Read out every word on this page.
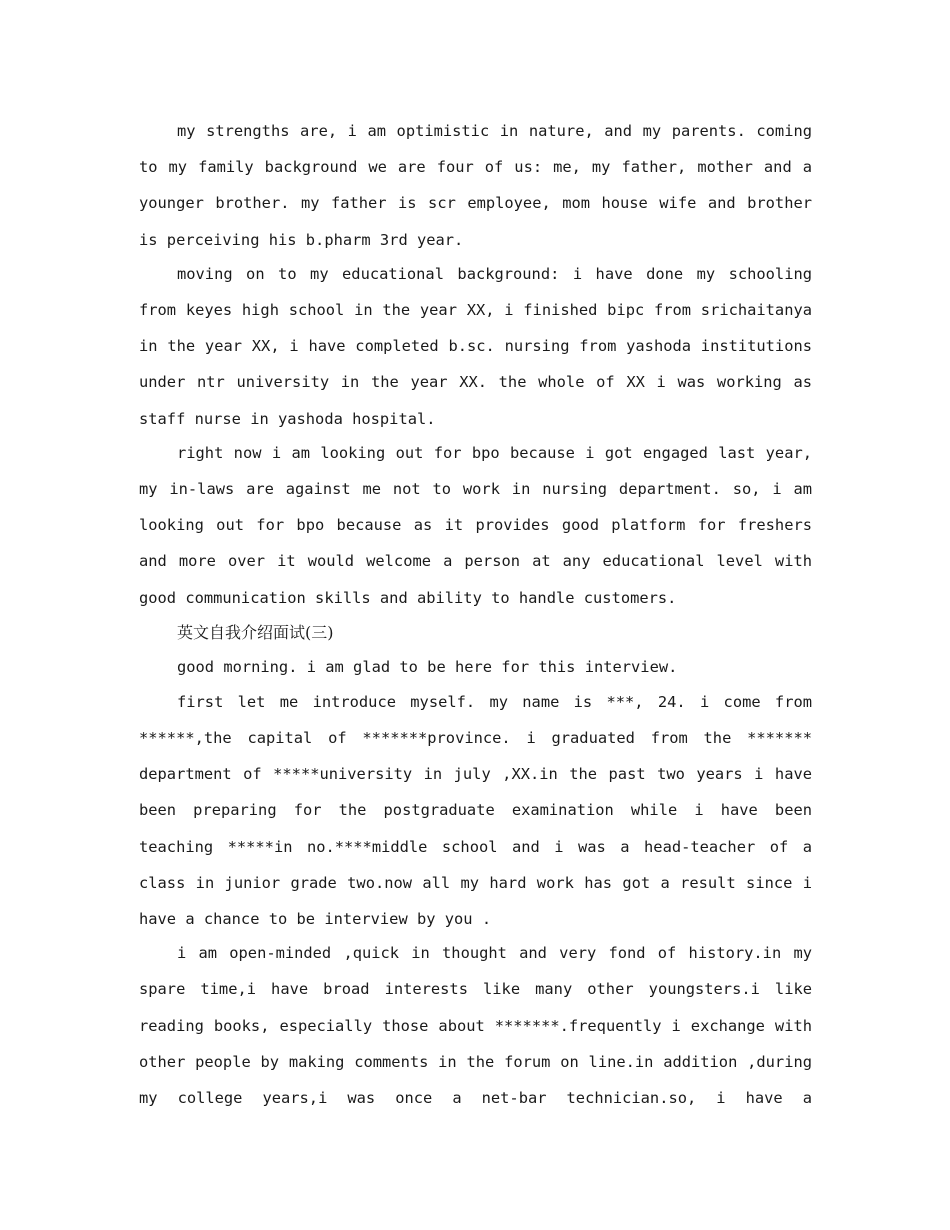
my strengths are, i am optimistic in nature, and my parents. coming to my family background we are four of us: me, my father, mother and a younger brother. my father is scr employee, mom house wife and brother is perceiving his b.pharm 3rd year.

moving on to my educational background: i have done my schooling from keyes high school in the year XX, i finished bipc from srichaitanya in the year XX, i have completed b.sc. nursing from yashoda institutions under ntr university in the year XX. the whole of XX i was working as staff nurse in yashoda hospital.

right now i am looking out for bpo because i got engaged last year, my in-laws are against me not to work in nursing department. so, i am looking out for bpo because as it provides good platform for freshers and more over it would welcome a person at any educational level with good communication skills and ability to handle customers.

英文自我介绍面试(三)

good morning. i am glad to be here for this interview.

first let me introduce myself. my name is ***, 24. i come from ******,the capital of *******province. i graduated from the ******* department of *****university in july ,XX.in the past two years i have been preparing for the postgraduate examination while i have been teaching *****in no.****middle school and i was a head-teacher of a class in junior grade two.now all my hard work has got a result since i have a chance to be interview by you .

i am open-minded ,quick in thought and very fond of history.in my spare time,i have broad interests like many other youngsters.i like reading books, especially those about *******.frequently i exchange with other people by making comments in the forum on line.in addition ,during my college years,i was once a net-bar technician.so, i have a
